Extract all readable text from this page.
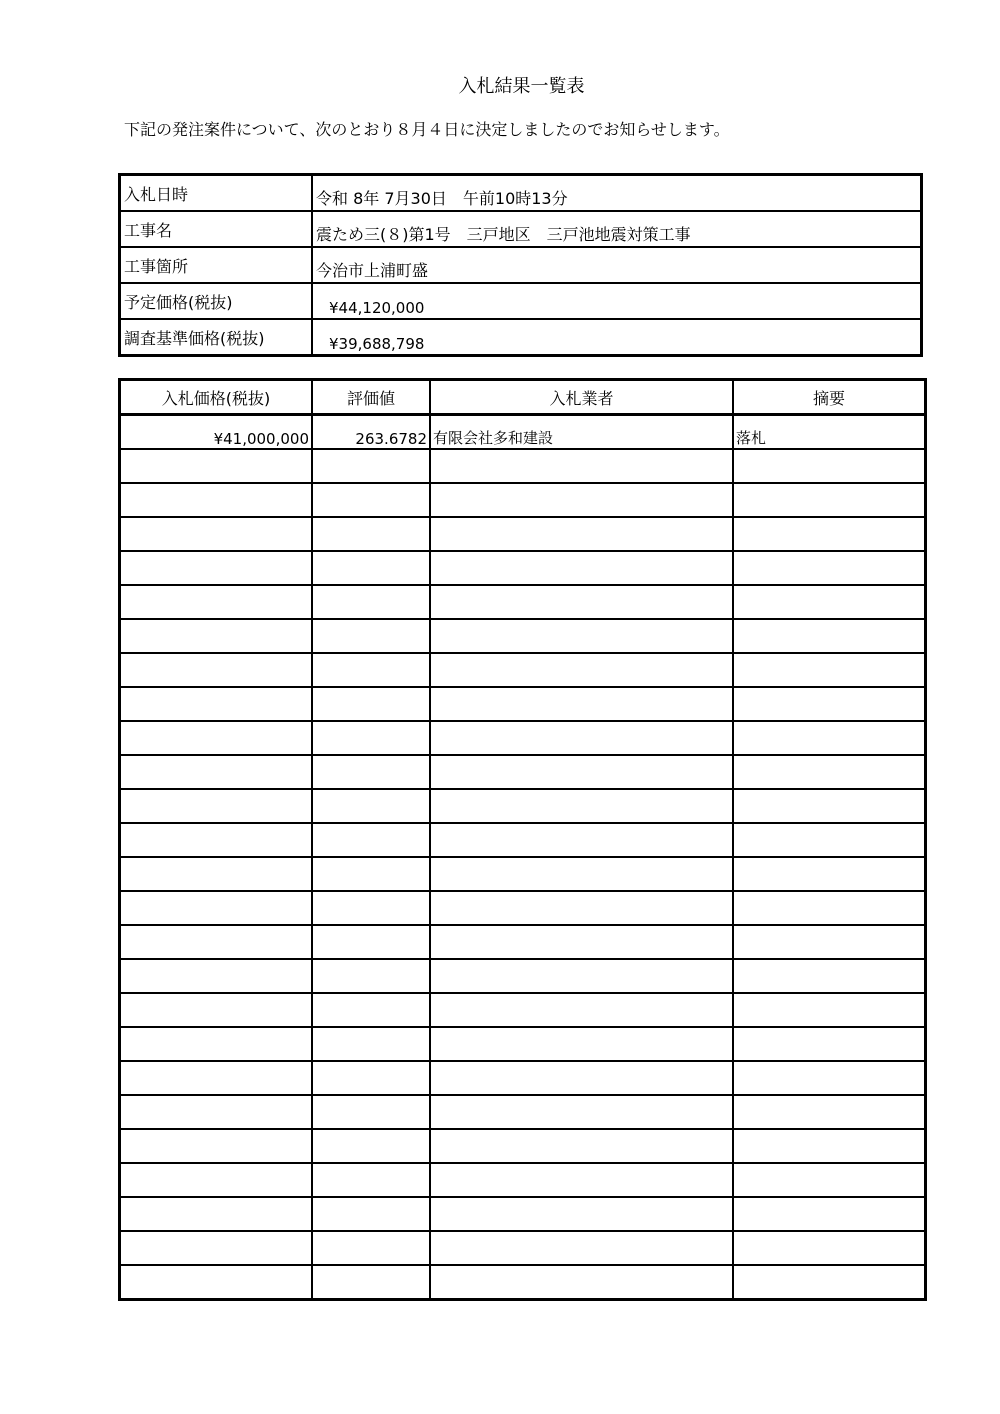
入札結果一覧表
下記の発注案件について、次のとおり８月４日に決定しましたのでお知らせします。
入札日時	令和 8年 7月30日　午前10時13分
工事名	震ため三(８)第1号　三戸地区　三戸池地震対策工事
工事箇所	今治市上浦町盛
予定価格(税抜)	¥44,120,000
調査基準価格(税抜)	¥39,688,798
入札価格(税抜)	評価値	入札業者	摘要
¥41,000,000	263.6782	有限会社多和建設	落札
